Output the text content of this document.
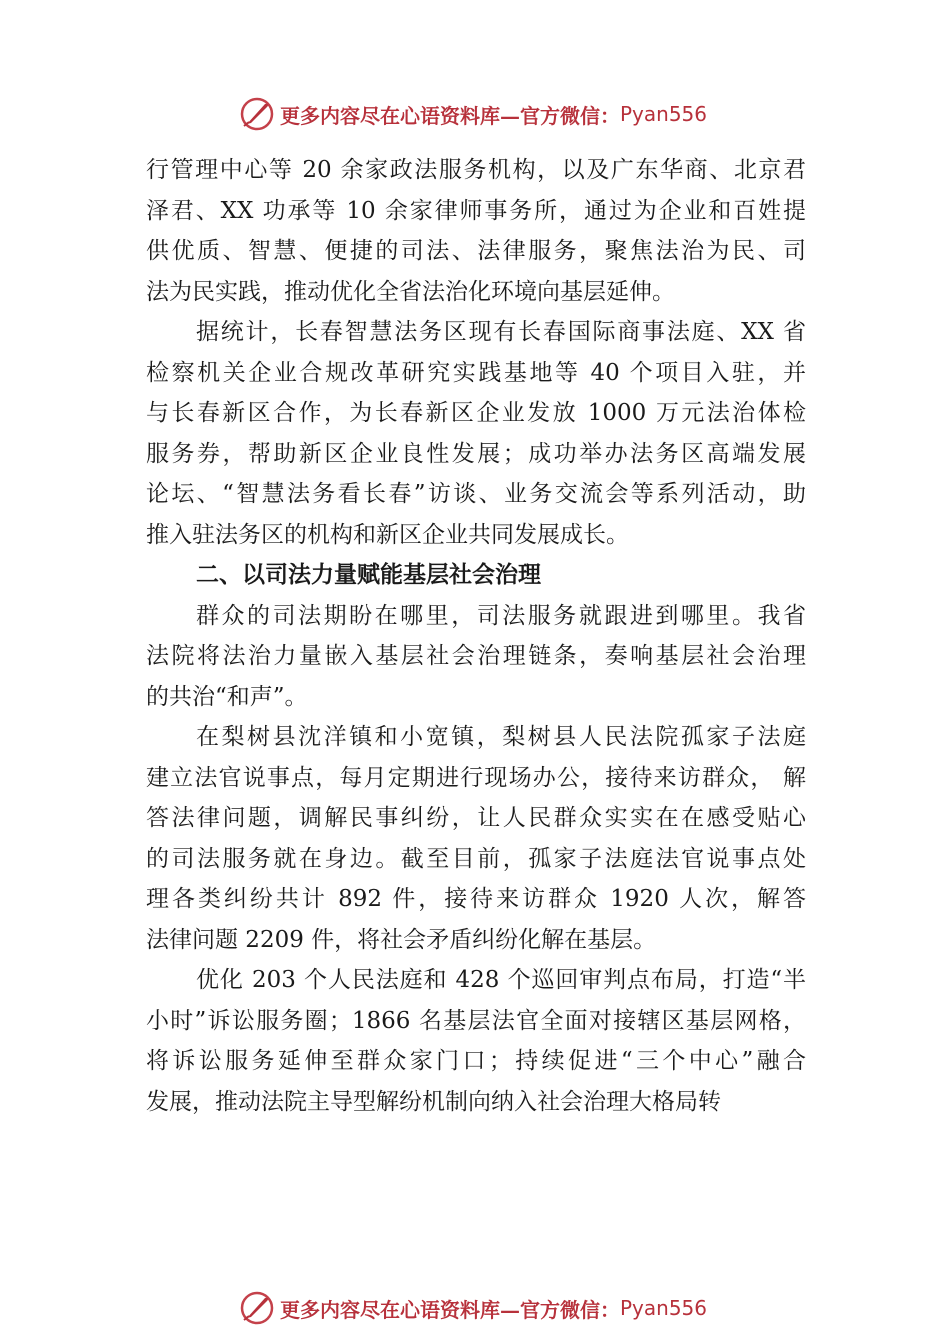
更多内容尽在心语资料库—官方微信： Pyan556
行管理中心等 20 余家政法服务机构，以及广东华商、北京君
泽君、XX 功承等 10 余家律师事务所，通过为企业和百姓提
供优质、智慧、便捷的司法、法律服务，聚焦法治为民、司
法为民实践，推动优化全省法治化环境向基层延伸。
据统计，长春智慧法务区现有长春国际商事法庭、XX 省
检察机关企业合规改革研究实践基地等 40 个项目入驻，并
与长春新区合作，为长春新区企业发放 1000 万元法治体检
服务券，帮助新区企业良性发展；成功举办法务区高端发展
论坛、“智慧法务看长春”访谈、业务交流会等系列活动，助
推入驻法务区的机构和新区企业共同发展成长。
二、以司法力量赋能基层社会治理
群众的司法期盼在哪里，司法服务就跟进到哪里。我省
法院将法治力量嵌入基层社会治理链条，奏响基层社会治理
的共治“和声”。
在梨树县沈洋镇和小宽镇，梨树县人民法院孤家子法庭
建立法官说事点，每月定期进行现场办公，接待来访群众， 解
答法律问题，调解民事纠纷，让人民群众实实在在感受贴心
的司法服务就在身边。截至目前，孤家子法庭法官说事点处
理各类纠纷共计 892 件，接待来访群众 1920 人次，解答
法律问题 2209 件，将社会矛盾纠纷化解在基层。
优化 203 个人民法庭和 428 个巡回审判点布局，打造“半
小时”诉讼服务圈；1866 名基层法官全面对接辖区基层网格，
将诉讼服务延伸至群众家门口；持续促进“三个中心”融合
发展，推动法院主导型解纷机制向纳入社会治理大格局转
更多内容尽在心语资料库—官方微信： Pyan556
